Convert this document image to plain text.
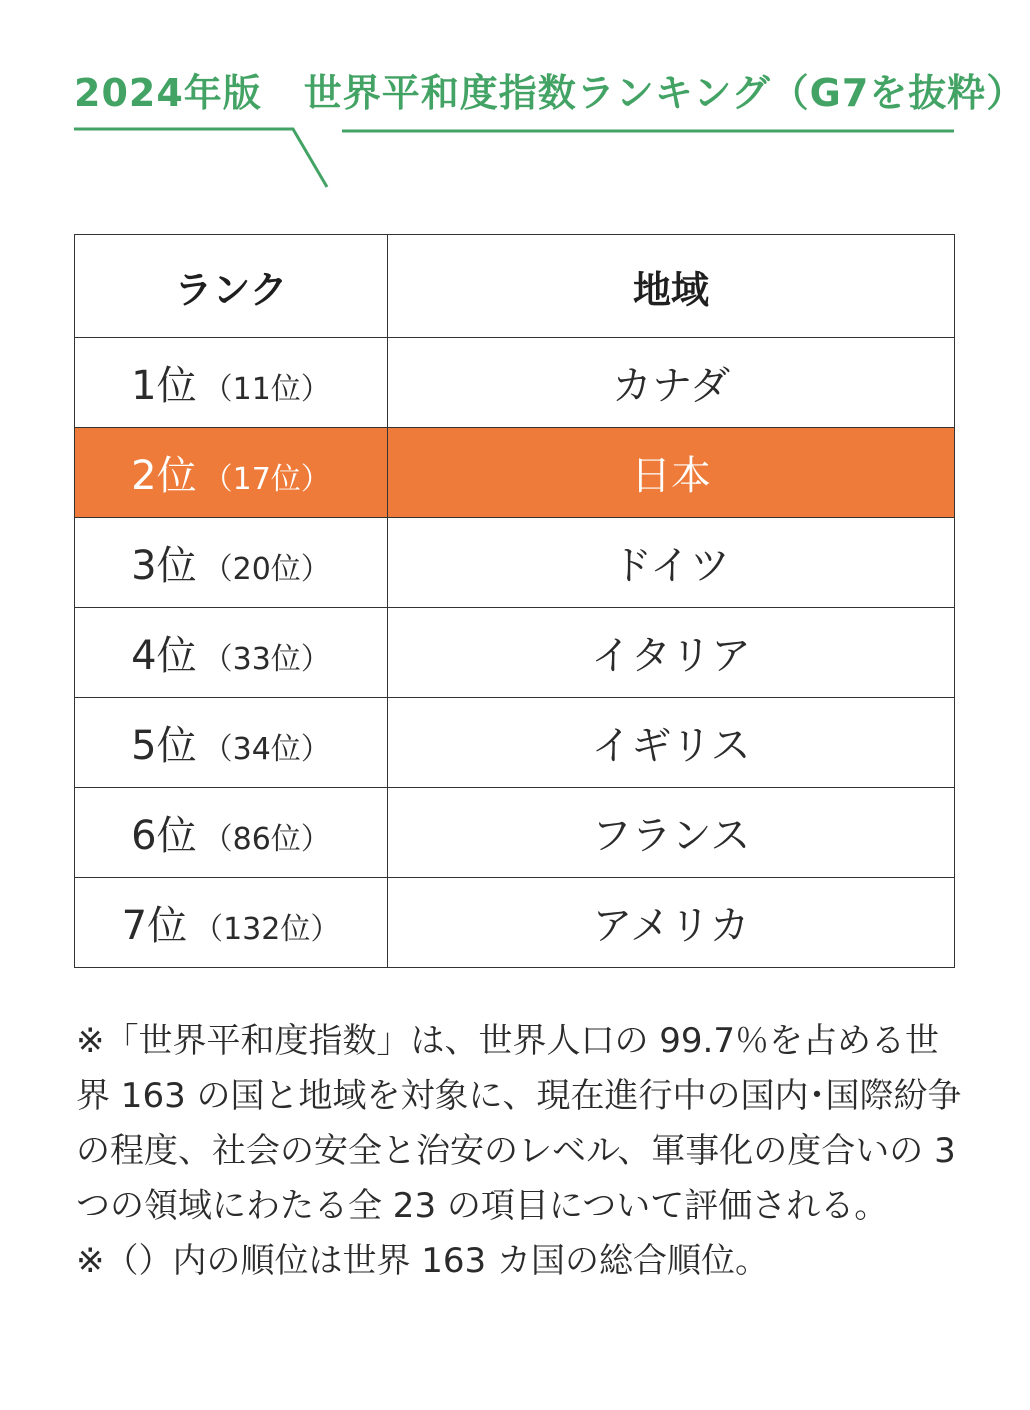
2024年版 世界平和度指数ランキング（G7を抜粋）
ランク	地域
1位 （11位）	カナダ
2位 （17位）	日本
3位 （20位）	ドイツ
4位 （33位）	イタリア
5位 （34位）	イギリス
6位 （86位）	フランス
7位 （132位）	アメリカ

※「世界平和度指数」は、世界人口の 99.7％を占める世界 163 の国と地域を対象に、現在進行中の国内･国際紛争の程度、社会の安全と治安のレベル、軍事化の度合いの 3 つの領域にわたる全 23 の項目について評価される。

※（）内の順位は世界 163 カ国の総合順位。
